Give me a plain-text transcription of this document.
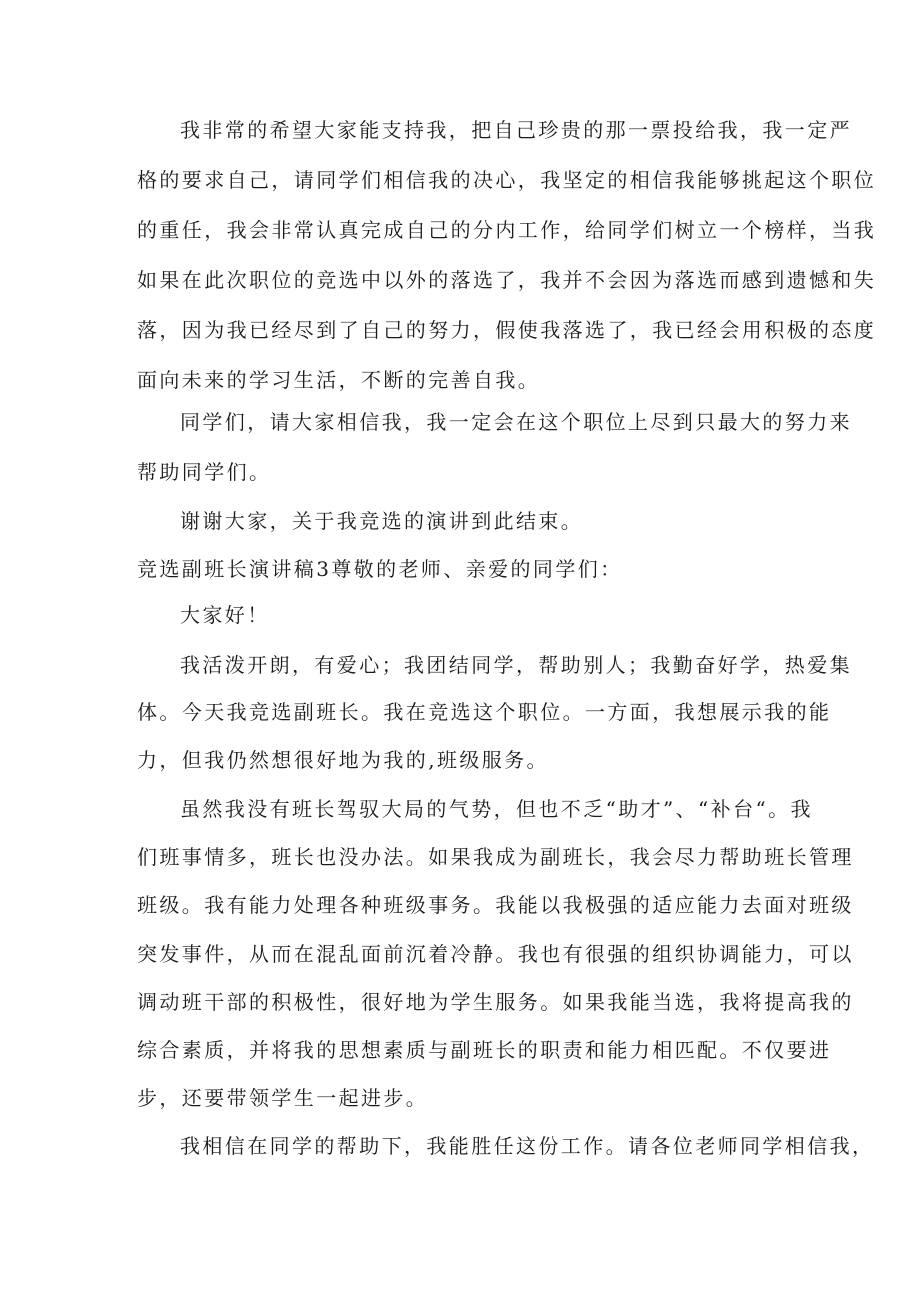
我非常的希望大家能支持我，把自己珍贵的那一票投给我，我一定严
格的要求自己，请同学们相信我的决心，我坚定的相信我能够挑起这个职位
的重任，我会非常认真完成自己的分内工作，给同学们树立一个榜样，当我
如果在此次职位的竞选中以外的落选了，我并不会因为落选而感到遗憾和失
落，因为我已经尽到了自己的努力，假使我落选了，我已经会用积极的态度
面向未来的学习生活，不断的完善自我。
同学们，请大家相信我，我一定会在这个职位上尽到只最大的努力来
帮助同学们。
谢谢大家，关于我竞选的演讲到此结束。
竞选副班长演讲稿3尊敬的老师、亲爱的同学们：
大家好！
我活泼开朗，有爱心；我团结同学，帮助别人；我勤奋好学，热爱集
体。今天我竞选副班长。我在竞选这个职位。一方面，我想展示我的能
力，但我仍然想很好地为我的,班级服务。
虽然我没有班长驾驭大局的气势，但也不乏“助才”、“补台“。我
们班事情多，班长也没办法。如果我成为副班长，我会尽力帮助班长管理
班级。我有能力处理各种班级事务。我能以我极强的适应能力去面对班级
突发事件，从而在混乱面前沉着冷静。我也有很强的组织协调能力，可以
调动班干部的积极性，很好地为学生服务。如果我能当选，我将提高我的
综合素质，并将我的思想素质与副班长的职责和能力相匹配。不仅要进
步，还要带领学生一起进步。
我相信在同学的帮助下，我能胜任这份工作。请各位老师同学相信我，
